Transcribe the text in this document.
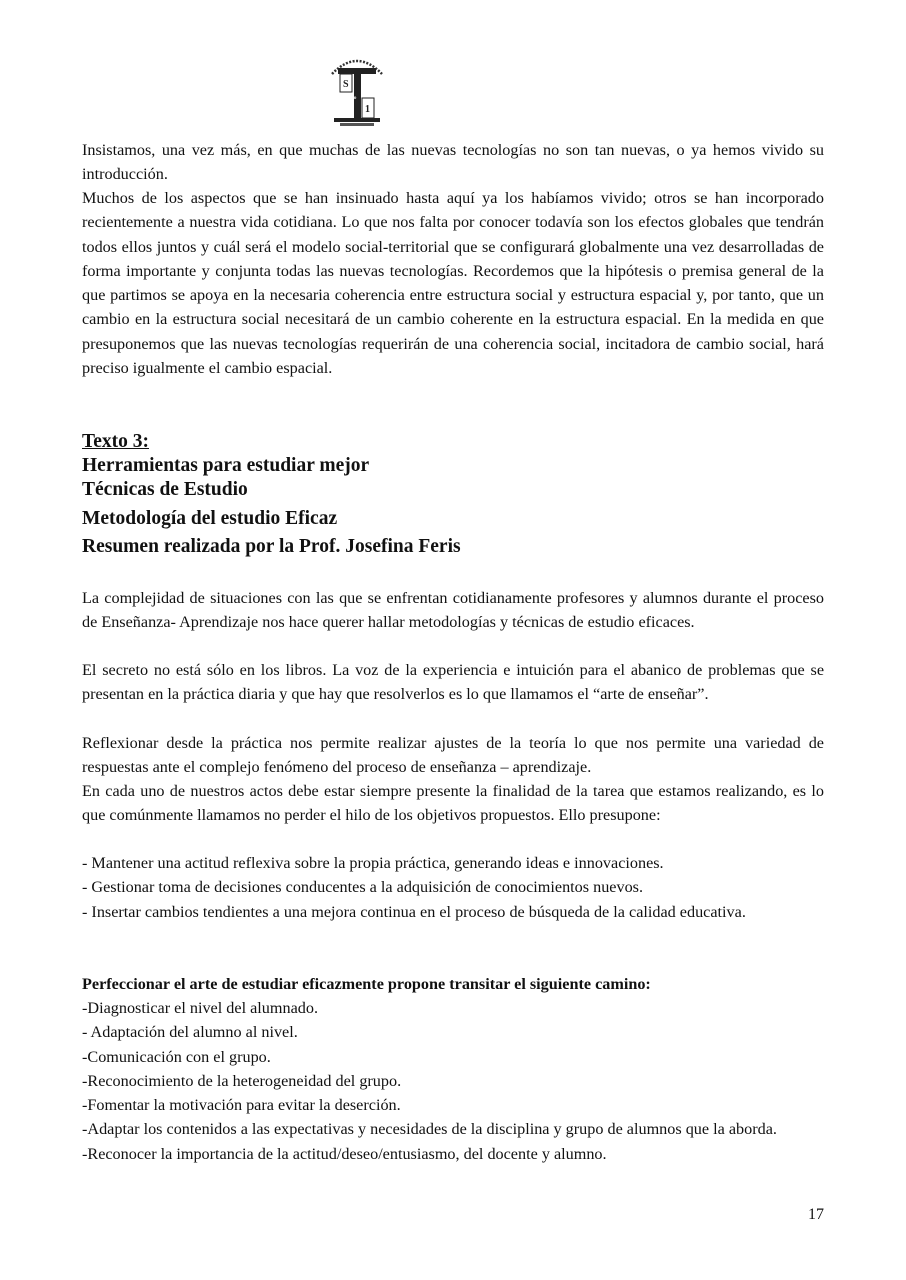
S
Nº
1

Insistamos, una vez más, en que muchas de las nuevas tecnologías no son tan nuevas, o ya hemos vivido su introducción.

Muchos de los aspectos que se han insinuado hasta aquí ya los habíamos vivido; otros se han incorporado recientemente a nuestra vida cotidiana. Lo que nos falta por conocer todavía son los efectos globales que tendrán todos ellos juntos y cuál será el modelo social-territorial que se configurará globalmente una vez desarrolladas de forma importante y conjunta todas las nuevas tecnologías. Recordemos que la hipótesis o premisa general de la que partimos se apoya en la necesaria coherencia entre estructura social y estructura espacial y, por tanto, que un cambio en la estructura social necesitará de un cambio coherente en la estructura espacial. En la medida en que presuponemos que las nuevas tecnologías requerirán de una coherencia social, incitadora de cambio social, hará preciso igualmente el cambio espacial.

Texto 3:
Herramientas para estudiar mejor
Técnicas de Estudio
Metodología del estudio Eficaz
Resumen realizada por la Prof. Josefina Feris

La complejidad de situaciones con las que se enfrentan cotidianamente profesores y alumnos durante el proceso de Enseñanza- Aprendizaje nos hace querer hallar metodologías y técnicas de estudio eficaces.

El secreto no está sólo en los libros. La voz de la experiencia e intuición para el abanico de problemas que se presentan en la práctica diaria y que hay que resolverlos es lo que llamamos el “arte de enseñar”.

Reflexionar desde la práctica nos permite realizar ajustes de la teoría lo que nos permite una variedad de respuestas ante el complejo fenómeno del proceso de enseñanza – aprendizaje.

En cada uno de nuestros actos debe estar siempre presente la finalidad de la tarea que estamos realizando, es lo que comúnmente llamamos no perder el hilo de los objetivos propuestos. Ello presupone:

- Mantener una actitud reflexiva sobre la propia práctica, generando ideas e innovaciones.
- Gestionar toma de decisiones conducentes a la adquisición de conocimientos nuevos.
- Insertar cambios tendientes a una mejora continua en el proceso de búsqueda de la calidad educativa.

Perfeccionar el arte de estudiar eficazmente propone transitar el siguiente camino:

-Diagnosticar el nivel del alumnado.
- Adaptación del alumno al nivel.
-Comunicación con el grupo.
-Reconocimiento de la heterogeneidad del grupo.
-Fomentar la motivación para evitar la deserción.
-Adaptar los contenidos a las expectativas y necesidades de la disciplina y grupo de alumnos que la aborda.
-Reconocer la importancia de la actitud/deseo/entusiasmo, del docente y alumno.
17
